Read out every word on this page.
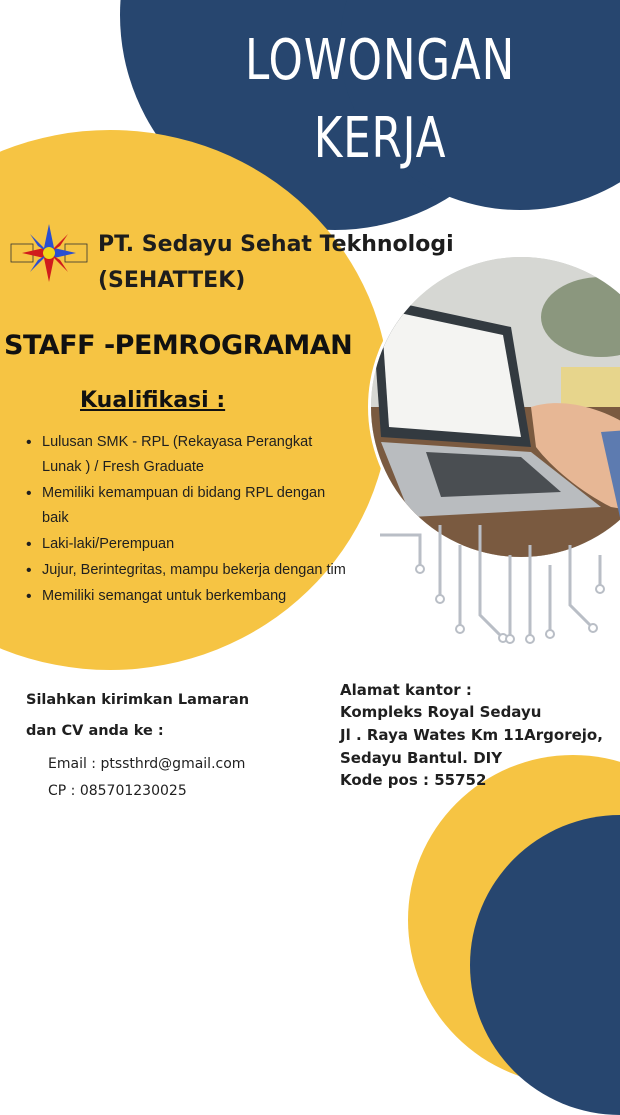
LOWONGAN
KERJA
PT. Sedayu Sehat Tekhnologi
(SEHATTEK)
STAFF -PEMROGRAMAN
Kualifikasi :
• Lulusan SMK - RPL (Rekayasa Perangkat Lunak ) / Fresh Graduate
• Memiliki kemampuan di bidang RPL dengan baik
• Laki-laki/Perempuan
• Jujur, Berintegritas, mampu bekerja dengan tim
• Memiliki semangat untuk berkembang
Silahkan kirimkan Lamaran
dan CV anda ke :
Email : ptssthrd@gmail.com
CP : 085701230025
Alamat kantor :
Kompleks Royal Sedayu
Jl . Raya Wates Km 11Argorejo,
Sedayu Bantul. DIY
Kode pos : 55752
